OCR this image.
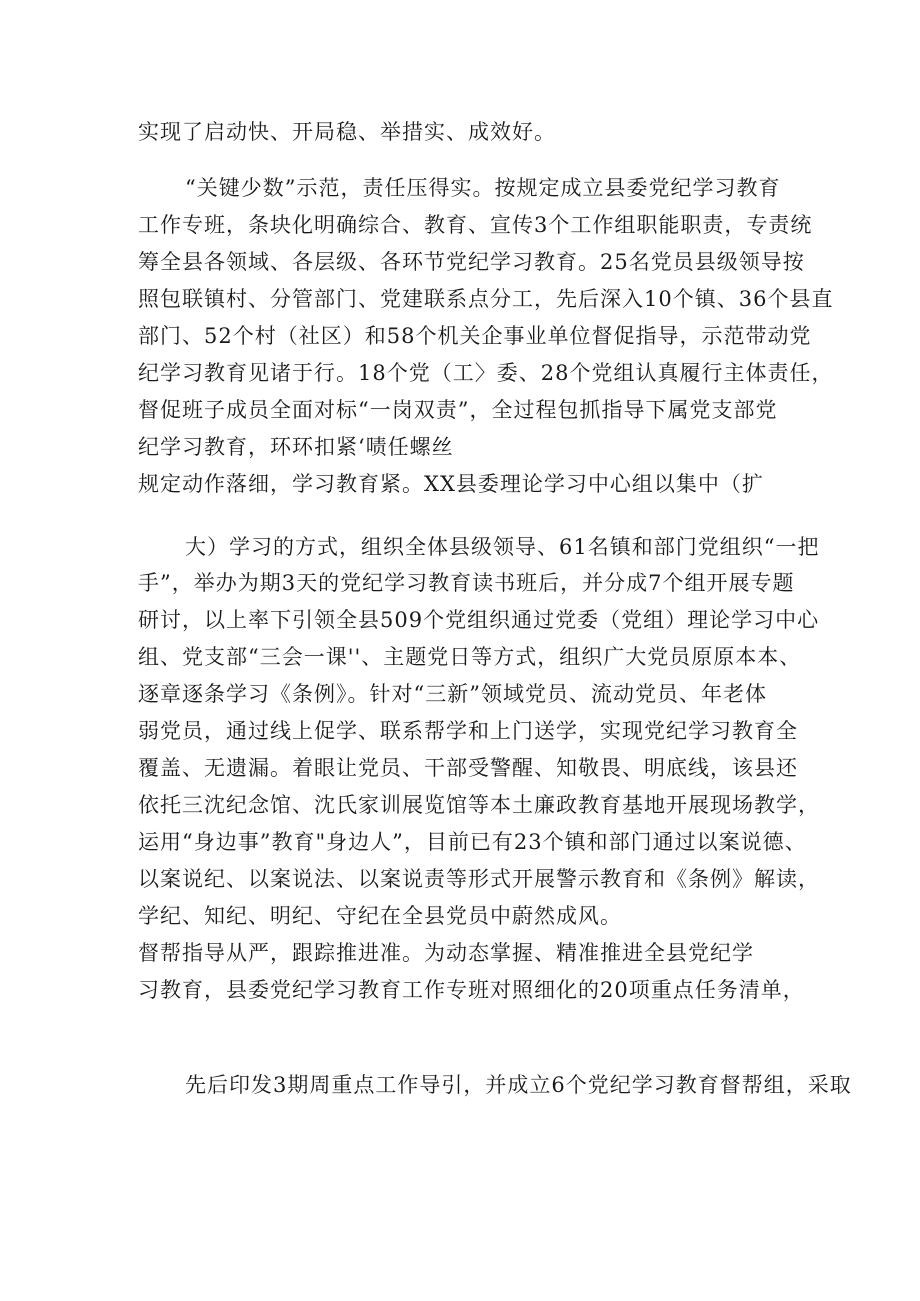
实现了启动快、开局稳、举措实、成效好。
“关键少数”示范，责任压得实。按规定成立县委党纪学习教育
工作专班，条块化明确综合、教育、宣传3个工作组职能职责，专责统
筹全县各领域、各层级、各环节党纪学习教育。25名党员县级领导按
照包联镇村、分管部门、党建联系点分工，先后深入10个镇、36个县直
部门、52个村（社区）和58个机关企事业单位督促指导，示范带动党
纪学习教育见诸于行。18个党（工〉委、28个党组认真履行主体责任，
督促班子成员全面对标“一岗双责”，全过程包抓指导下属党支部党
纪学习教育，环环扣紧‘啧任螺丝
规定动作落细，学习教育紧。XX县委理论学习中心组以集中（扩
大）学习的方式，组织全体县级领导、61名镇和部门党组织“一把
手”，举办为期3天的党纪学习教育读书班后，并分成7个组开展专题
研讨，以上率下引领全县509个党组织通过党委（党组）理论学习中心
组、党支部“三会一课''、主题党日等方式，组织广大党员原原本本、
逐章逐条学习《条例》。针对“三新”领域党员、流动党员、年老体
弱党员，通过线上促学、联系帮学和上门送学，实现党纪学习教育全
覆盖、无遗漏。着眼让党员、干部受警醒、知敬畏、明底线，该县还
依托三沈纪念馆、沈氏家训展览馆等本土廉政教育基地开展现场教学，
运用“身边事”教育"身边人”，目前已有23个镇和部门通过以案说德、
以案说纪、以案说法、以案说责等形式开展警示教育和《条例》解读，
学纪、知纪、明纪、守纪在全县党员中蔚然成风。
督帮指导从严，跟踪推进准。为动态掌握、精准推进全县党纪学
习教育，县委党纪学习教育工作专班对照细化的20项重点任务清单，
先后印发3期周重点工作导引，并成立6个党纪学习教育督帮组，采取
